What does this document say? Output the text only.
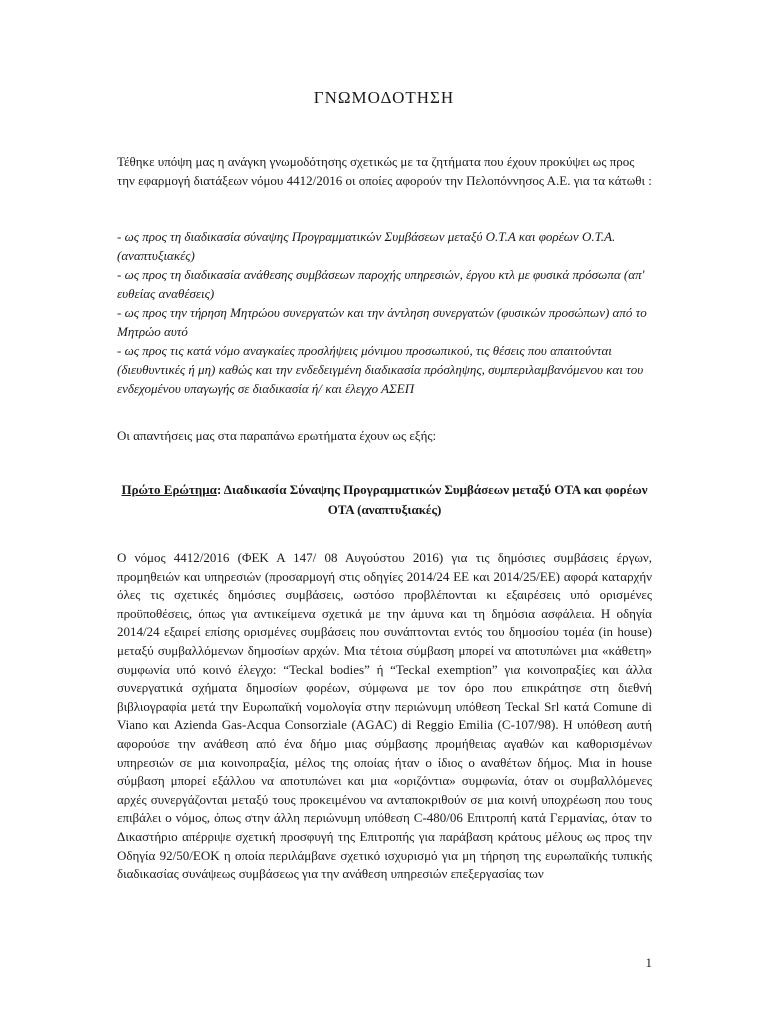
ΓΝΩΜΟΔΟΤΗΣΗ

Τέθηκε υπόψη μας η ανάγκη γνωμοδότησης σχετικώς με τα ζητήματα που έχουν προκύψει ως προς την εφαρμογή διατάξεων νόμου 4412/2016 οι οποίες αφορούν την Πελοπόννησος Α.Ε. για τα κάτωθι :

- ως προς τη διαδικασία σύναψης Προγραμματικών Συμβάσεων μεταξύ Ο.Τ.Α και φορέων Ο.Τ.Α. (αναπτυξιακές)
- ως προς τη διαδικασία ανάθεσης συμβάσεων παροχής υπηρεσιών, έργου κτλ με φυσικά πρόσωπα (απ' ευθείας αναθέσεις)
- ως προς την τήρηση Μητρώου συνεργατών και την άντληση συνεργατών (φυσικών προσώπων) από το Μητρώο αυτό
- ως προς τις κατά νόμο αναγκαίες προσλήψεις μόνιμου προσωπικού, τις θέσεις που απαιτούνται (διευθυντικές ή μη) καθώς και την ενδεδειγμένη διαδικασία πρόσληψης, συμπεριλαμβανόμενου και του ενδεχομένου υπαγωγής σε διαδικασία ή/ και έλεγχο ΑΣΕΠ

Οι απαντήσεις μας στα παραπάνω ερωτήματα έχουν ως εξής:

Πρώτο Ερώτημα: Διαδικασία Σύναψης Προγραμματικών Συμβάσεων μεταξύ ΟΤΑ και φορέων ΟΤΑ (αναπτυξιακές)

Ο νόμος 4412/2016 (ΦΕΚ Α 147/ 08 Αυγούστου 2016) για τις δημόσιες συμβάσεις έργων, προμηθειών και υπηρεσιών (προσαρμογή στις οδηγίες 2014/24 ΕΕ και 2014/25/ΕΕ) αφορά καταρχήν όλες τις σχετικές δημόσιες συμβάσεις, ωστόσο προβλέπονται κι εξαιρέσεις υπό ορισμένες προϋποθέσεις, όπως για αντικείμενα σχετικά με την άμυνα και τη δημόσια ασφάλεια. Η οδηγία 2014/24 εξαιρεί επίσης ορισμένες συμβάσεις που συνάπτονται εντός του δημοσίου τομέα (in house) μεταξύ συμβαλλόμενων δημοσίων αρχών. Μια τέτοια σύμβαση μπορεί να αποτυπώνει μια «κάθετη» συμφωνία υπό κοινό έλεγχο: “Teckal bodies” ή “Teckal exemption” για κοινοπραξίες και άλλα συνεργατικά σχήματα δημοσίων φορέων, σύμφωνα με τον όρο που επικράτησε στη διεθνή βιβλιογραφία μετά την Ευρωπαϊκή νομολογία στην περιώνυμη υπόθεση Teckal Srl κατά Comune di Viano και Azienda Gas-Acqua Consorziale (AGAC) di Reggio Emilia (C-107/98). Η υπόθεση αυτή αφορούσε την ανάθεση από ένα δήμο μιας σύμβασης προμήθειας αγαθών και καθορισμένων υπηρεσιών σε μια κοινοπραξία, μέλος της οποίας ήταν ο ίδιος ο αναθέτων δήμος. Μια in house σύμβαση μπορεί εξάλλου να αποτυπώνει και μια «οριζόντια» συμφωνία, όταν οι συμβαλλόμενες αρχές συνεργάζονται μεταξύ τους προκειμένου να ανταποκριθούν σε μια κοινή υποχρέωση που τους επιβάλει ο νόμος, όπως στην άλλη περιώνυμη υπόθεση C-480/06 Επιτροπή κατά Γερμανίας, όταν το Δικαστήριο απέρριψε σχετική προσφυγή της Επιτροπής για παράβαση κράτους μέλους ως προς την Οδηγία 92/50/ΕΟΚ η οποία περιλάμβανε σχετικό ισχυρισμό για μη τήρηση της ευρωπαϊκής τυπικής διαδικασίας συνάψεως συμβάσεως για την ανάθεση υπηρεσιών επεξεργασίας των

1
